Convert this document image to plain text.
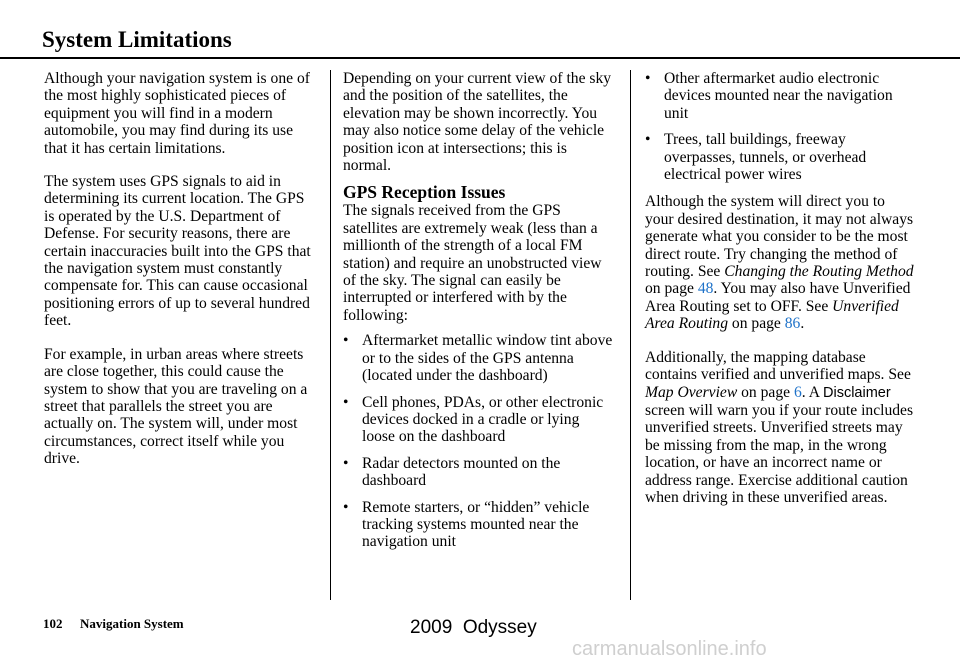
System Limitations

Although your navigation system is one of the most highly sophisticated pieces of equipment you will find in a modern automobile, you may find during its use that it has certain limitations.

The system uses GPS signals to aid in determining its current location. The GPS is operated by the U.S. Department of Defense. For security reasons, there are certain inaccuracies built into the GPS that the navigation system must constantly compensate for. This can cause occasional positioning errors of up to several hundred feet.

For example, in urban areas where streets are close together, this could cause the system to show that you are traveling on a street that parallels the street you are actually on. The system will, under most circumstances, correct itself while you drive.

Depending on your current view of the sky and the position of the satellites, the elevation may be shown incorrectly. You may also notice some delay of the vehicle position icon at intersections; this is normal.

GPS Reception Issues

The signals received from the GPS satellites are extremely weak (less than a millionth of the strength of a local FM station) and require an unobstructed view of the sky. The signal can easily be interrupted or interfered with by the following:

• Aftermarket metallic window tint above or to the sides of the GPS antenna (located under the dashboard)
• Cell phones, PDAs, or other electronic devices docked in a cradle or lying loose on the dashboard
• Radar detectors mounted on the dashboard
• Remote starters, or “hidden” vehicle tracking systems mounted near the navigation unit
• Other aftermarket audio electronic devices mounted near the navigation unit
• Trees, tall buildings, freeway overpasses, tunnels, or overhead electrical power wires

Although the system will direct you to your desired destination, it may not always generate what you consider to be the most direct route. Try changing the method of routing. See Changing the Routing Method on page 48. You may also have Unverified Area Routing set to OFF. See Unverified Area Routing on page 86.

Additionally, the mapping database contains verified and unverified maps. See Map Overview on page 6. A Disclaimer screen will warn you if your route includes unverified streets. Unverified streets may be missing from the map, in the wrong location, or have an incorrect name or address range. Exercise additional caution when driving in these unverified areas.

102 Navigation System	2009  Odyssey
carmanualsonline.info
